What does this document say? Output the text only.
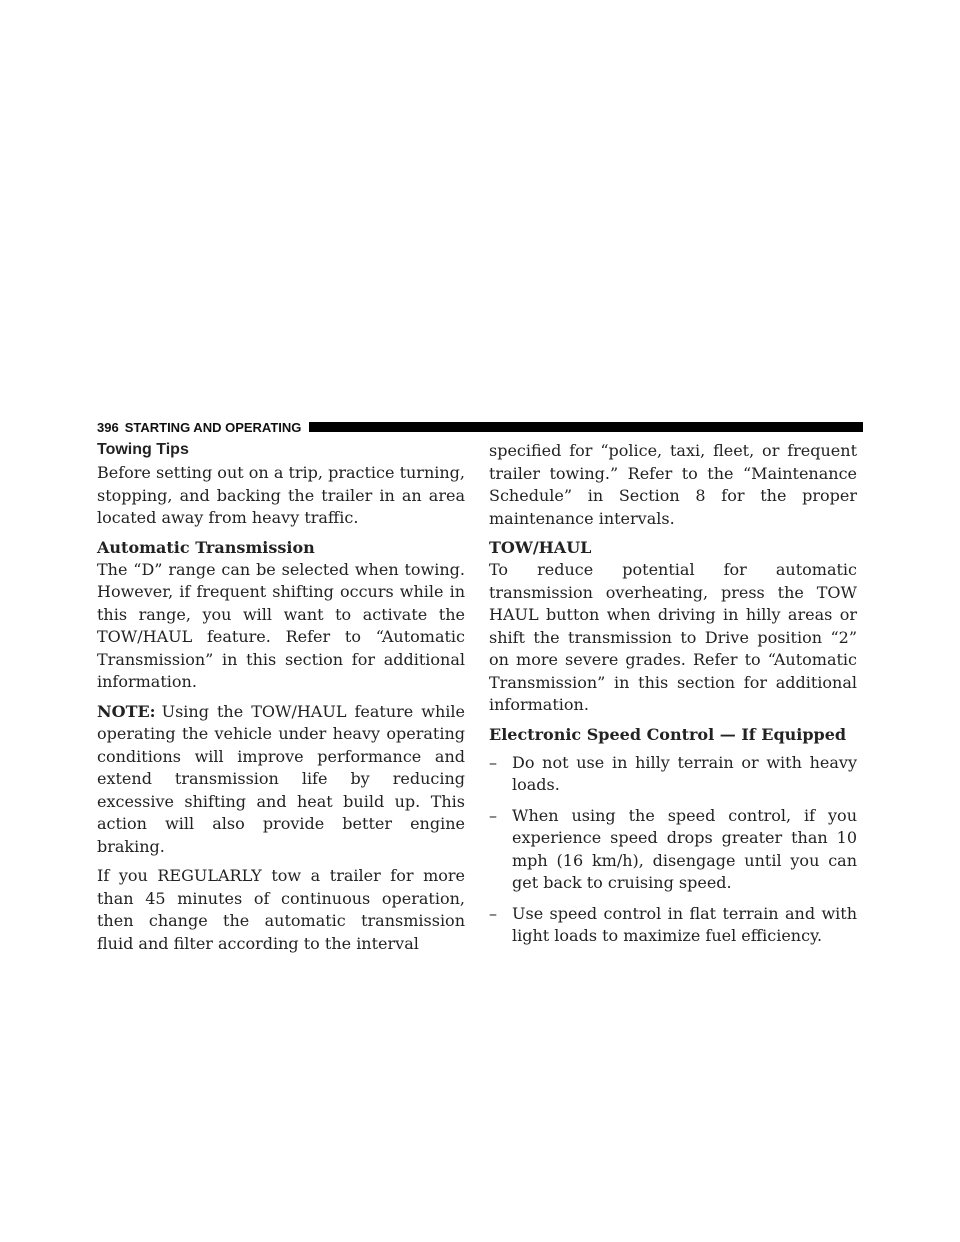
396 STARTING AND OPERATING
Towing Tips

Before setting out on a trip, practice turning, stopping, and backing the trailer in an area located away from heavy traffic.

Automatic Transmission

The “D” range can be selected when towing. However, if frequent shifting occurs while in this range, you will want to activate the TOW/HAUL feature. Refer to “Automatic Transmission” in this section for additional information.

NOTE: Using the TOW/HAUL feature while operating the vehicle under heavy operating conditions will improve performance and extend transmission life by reducing excessive shifting and heat build up. This action will also provide better engine braking.

If you REGULARLY tow a trailer for more than 45 minutes of continuous operation, then change the automatic transmission fluid and filter according to the interval

specified for “police, taxi, fleet, or frequent trailer towing.” Refer to the “Maintenance Schedule” in Section 8 for the proper maintenance intervals.

TOW/HAUL

To reduce potential for automatic transmission overheating, press the TOW HAUL button when driving in hilly areas or shift the transmission to Drive position “2” on more severe grades. Refer to “Automatic Transmission” in this section for additional information.

Electronic Speed Control — If Equipped
– Do not use in hilly terrain or with heavy loads.
– When using the speed control, if you experience speed drops greater than 10 mph (16 km/h), disengage until you can get back to cruising speed.
– Use speed control in flat terrain and with light loads to maximize fuel efficiency.
